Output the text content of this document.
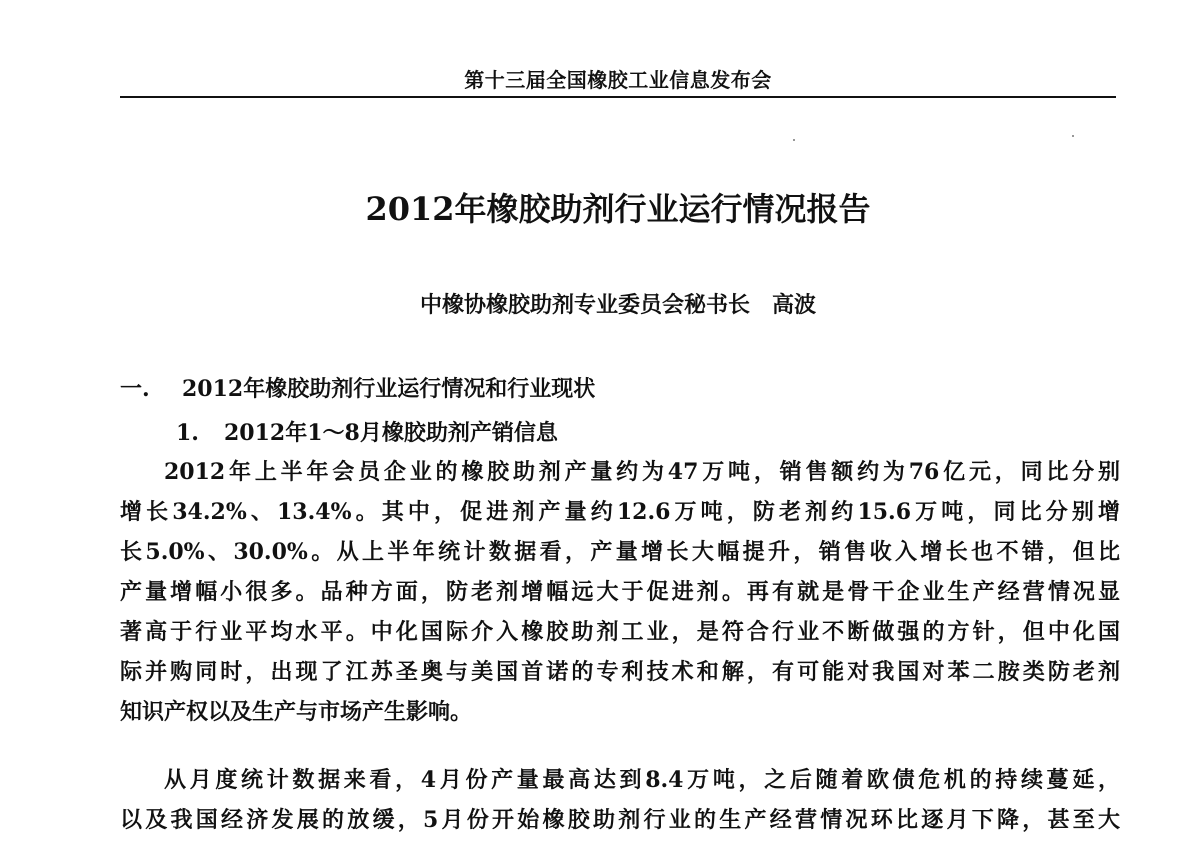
第十三届全国橡胶工业信息发布会
2012年橡胶助剂行业运行情况报告
中橡协橡胶助剂专业委员会秘书长 高波
一. 2012年橡胶助剂行业运行情况和行业现状
1. 2012年1～8月橡胶助剂产销信息
2012年上半年会员企业的橡胶助剂产量约为47万吨，销售额约为76亿元，同比分别
增长34.2%、13.4%。其中，促进剂产量约12.6万吨，防老剂约15.6万吨，同比分别增
长5.0%、30.0%。从上半年统计数据看，产量增长大幅提升，销售收入增长也不错，但比
产量增幅小很多。品种方面，防老剂增幅远大于促进剂。再有就是骨干企业生产经营情况显
著高于行业平均水平。中化国际介入橡胶助剂工业，是符合行业不断做强的方针，但中化国
际并购同时，出现了江苏圣奥与美国首诺的专利技术和解，有可能对我国对苯二胺类防老剂
知识产权以及生产与市场产生影响。
从月度统计数据来看，4月份产量最高达到8.4万吨，之后随着欧债危机的持续蔓延，
以及我国经济发展的放缓，5月份开始橡胶助剂行业的生产经营情况环比逐月下降，甚至大
